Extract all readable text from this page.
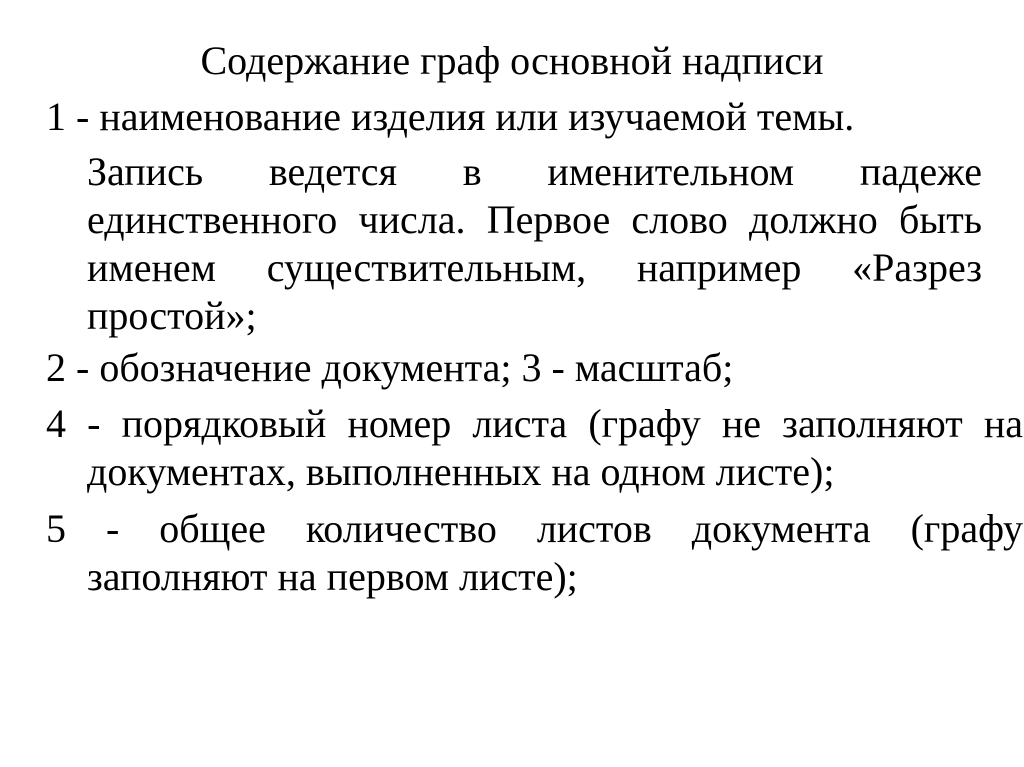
Содержание граф основной надписи
1 - наименование изделия или изучаемой темы.
Запись ведется в именительном падеже единственного числа. Первое слово должно быть именем существительным, например «Разрез простой»;
2 - обозначение документа; 3 - масштаб;
4 - порядковый номер листа (графу не заполняют на документах, выполненных на одном листе);
5 - общее количество листов документа (графу заполняют на первом листе);
